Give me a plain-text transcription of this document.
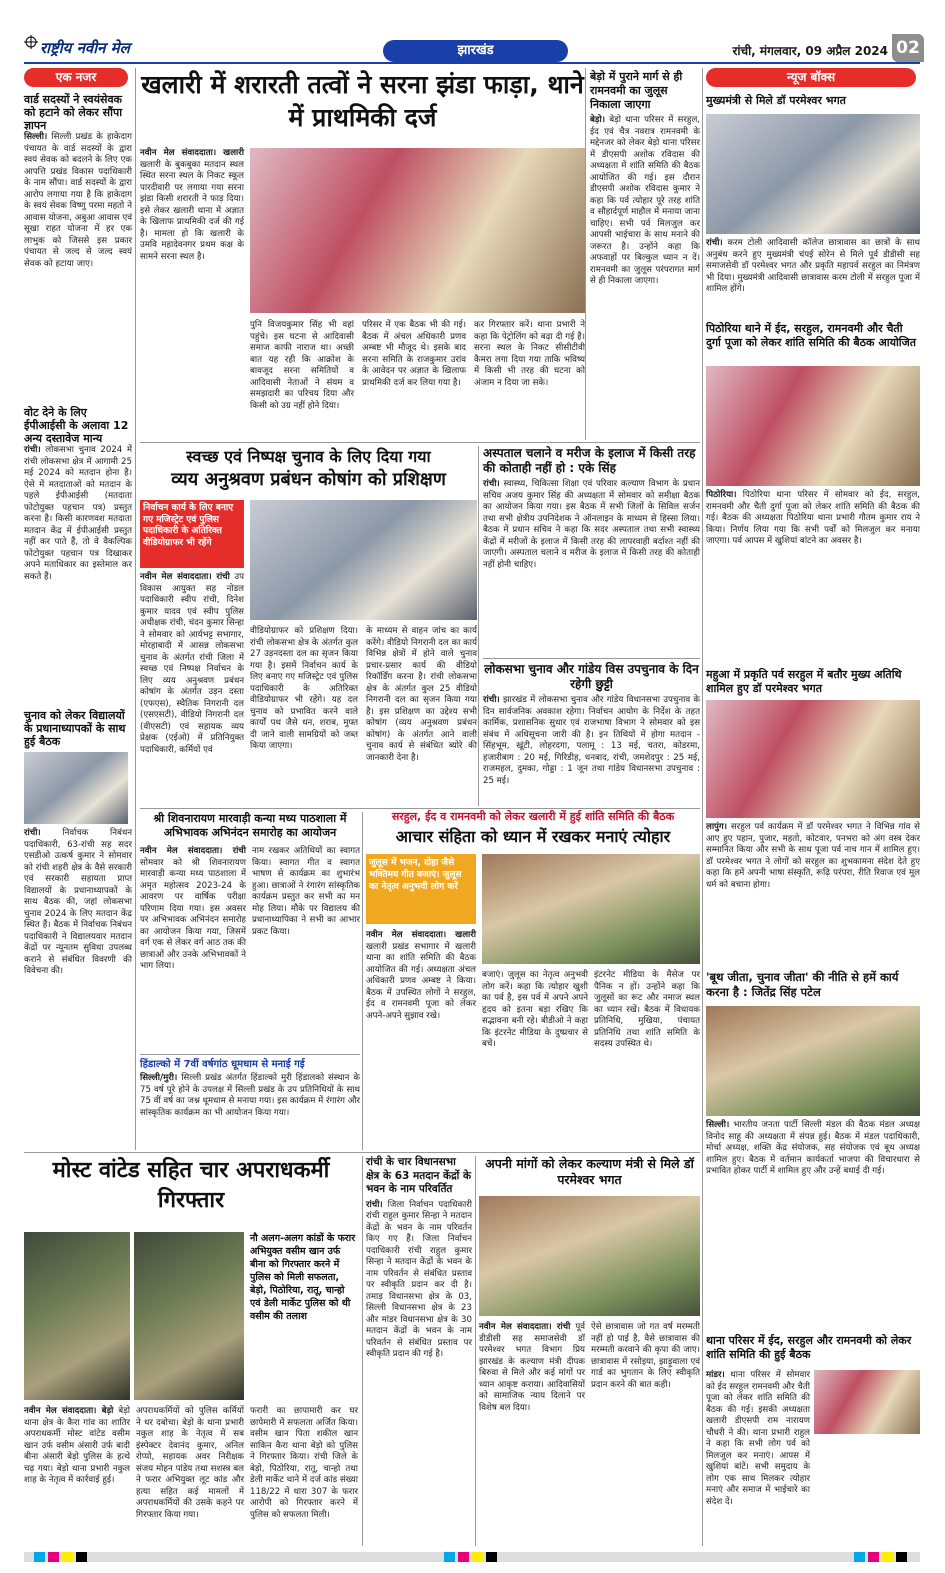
राष्ट्रीय नवीन मेल	झारखंड	रांची, मंगलवार, 09 अप्रैल 2024 02
एक नजर
वार्ड सदस्यों ने स्वयंसेवक को हटाने को लेकर सौंपा ज्ञापन
सिल्ली। सिल्ली प्रखंड के हाकेदाग पंचायत के वार्ड सदस्यों के द्वारा स्वयं सेवक को बदलने के लिए एक आपत्ति प्रखंड विकास पदाधिकारी के नाम सौंपा। वार्ड सदस्यों के द्वारा आरोप लगाया गया है कि हाकेदाग के स्वयं सेवक विष्णु परमा महतो ने आवास योजना, अबुआ आवास एवं सूखा राहत योजना में हर एक लाभुक को जिससे इस प्रकार पंचायत से जल्द से जल्द स्वयं सेवक को हटाया जाए।
वोट देने के लिए ईपीआईसी के अलावा 12 अन्य दस्तावेज मान्य
रांची। लोकसभा चुनाव 2024 में रांची लोकसभा क्षेत्र में आगामी 25 मई 2024 को मतदान होना है। ऐसे में मतदाताओं को मतदान के पहले ईपीआईसी (मतदाता फोटोयुक्त पहचान पत्र) प्रस्तुत करना है। किसी कारणवश मतदाता मतदान केंद्र में ईपीआईसी प्रस्तुत नहीं कर पाते हैं, तो वे वैकल्पिक फोटोयुक्त पहचान पत्र दिखाकर अपने मताधिकार का इस्तेमाल कर सकते हैं।
चुनाव को लेकर विद्यालयों के प्रधानाध्यापकों के साथ हुई बैठक
रांची।	निर्वाचक निबंधन पदाधिकारी, 63-रांची सह सदर एसडीओ उत्कर्ष कुमार ने सोमवार को रांची शहरी क्षेत्र के वैसे सरकारी एवं सरकारी सहायता प्राप्त विद्यालयों के प्रधानाध्यापकों के साथ बैठक की, जहां लोकसभा चुनाव 2024 के लिए मतदान केंद्र स्थित हैं। बैठक में निर्वाचक निबंधन पदाधिकारी ने विद्यालयवार मतदान केंद्रों पर न्यूनतम सुविधा उपलब्ध कराने से संबंधित विवरणी की विवेचना की।
खलारी में शरारती तत्वों ने सरना झंडा फाड़ा, थाने में प्राथमिकी दर्ज
नवीन मेल संवाददाता। खलारी खलारी के बुकबुका मतदान स्थल स्थित सरना स्थल के निकट स्कूल पारदीवारी पर लगाया गया सरना झंडा किसी शरारती ने फाड़ दिया। इसे लेकर खलारी थाना में अज्ञात के खिलाफ प्राथमिकी दर्ज की गई है। मामला हो कि खलारी के उमवि महादेवनगर प्रथम कक्ष के सामने सरना स्थल है।
पुनि विजयकुमार सिंह भी वहां पहुंचे। इस घटना से आदिवासी समाज काफी नाराज था। अच्छी बात यह रही कि आक्रोश के बावजूद सरना समितियों व आदिवासी नेताओं ने संयम व समझदारी का परिचय दिया और किसी को उग्र नहीं होने दिया।
परिसर में एक बैठक भी की गई। बैठक में अंचल अधिकारी प्रणव अम्बष्ट भी मौजूद थे। इसके बाद सरना समिति के राजकुमार उरांव के आवेदन पर अज्ञात के खिलाफ प्राथमिकी दर्ज कर लिया गया है।
कर गिरफ्तार करें। थाना प्रभारी ने कहा कि पेट्रोलिंग को बढ़ा दी गई है। सरना स्थल के निकट सीसीटीवी कैमरा लगा दिया गया ताकि भविष्य में किसी भी तरह की घटना को अंजाम न दिया जा सके।
बेड़ो में पुराने मार्ग से ही रामनवमी का जुलूस निकाला जाएगा
बेड़ो। बेड़ो थाना परिसर में सरहुल, ईद एवं चैत्र नवरात्र रामनवमी के मद्देनजर को लेकर बेड़ो थाना परिसर में डीएसपी अशोक रविदास की अध्यक्षता में शांति समिति की बैठक आयोजित की गई। इस दौरान डीएसपी अशोक रविदास कुमार ने कहा कि पर्व त्योहार पूरे तरह शांति व सौहार्दपूर्ण माहौल में मनाया जाना चाहिए। सभी पर्व मिलजुल कर आपसी भाईचारा के साथ मनाने की जरूरत है। उन्होंने कहा कि अफवाहों पर बिल्कुल ध्यान न दें। रामनवमी का जुलूस परंपरागत मार्ग से ही निकाला जाएगा।
स्वच्छ एवं निष्पक्ष चुनाव के लिए दिया गया
व्यय अनुश्रवण प्रबंधन कोषांग को प्रशिक्षण
निर्वाचन कार्य के लिए बनाए गए मजिस्ट्रेट एवं पुलिस पदाधिकारी के अतिरिक्त वीडियोग्राफर भी रहेंगे
नवीन मेल संवाददाता। रांची उप विकास आयुक्त सह नोडल पदाधिकारी स्वीप रांची, दिनेश कुमार यादव एवं स्वीप पुलिस अधीक्षक रांची, चंदन कुमार सिन्हा ने सोमवार को आर्यभट्ट सभागार, मोरहाबादी में आसन्न लोकसभा चुनाव के अंतर्गत रांची जिला में स्वच्छ एवं निष्पक्ष निर्वाचन के लिए व्यय अनुश्रवण प्रबंधन कोषांग के अंतर्गत उड़न दस्ता (एफएस), स्थैतिक निगरानी दल (एसएसटी), वीडियो निगरानी दल (वीएसटी) एवं सहायक व्यय प्रेक्षक (एईओ) में प्रतिनियुक्त पदाधिकारी, कर्मियों एवं
वीडियोग्राफर को प्रशिक्षण दिया। रांची लोकसभा क्षेत्र के अंतर्गत कुल 27 उड़नदस्ता दल का सृजन किया गया है। इसमें निर्वाचन कार्य के लिए बनाए गए मजिस्ट्रेट एवं पुलिस पदाधिकारी के अतिरिक्त वीडियोग्राफर भी रहेंगे। यह दल चुनाव को प्रभावित करने वाले कार्यों पथ जैसे धन, शराब, मुफ्त दी जाने वाली सामग्रियों को जब्त किया जाएगा।
के माध्यम से वाहन जांच का कार्य करेंगे। वीडियो निगरानी दल का कार्य विभिन्न क्षेत्रों में होने वाले चुनाव प्रचार-प्रसार कार्य की वीडियो रिकॉर्डिंग करना है। रांची लोकसभा क्षेत्र के अंतर्गत कुल 25 वीडियो निगरानी दल का सृजन किया गया है। इस प्रशिक्षण का उद्देश्य सभी कोषांग (व्यय अनुश्रवण प्रबंधन कोषांग) के अंतर्गत आने वाली चुनाव कार्य से संबंधित ब्योरे की जानकारी देना है।
अस्पताल चलाने व मरीज के इलाज में किसी तरह की कोताही नहीं हो : एके सिंह
रांची। स्वास्थ्य, चिकित्सा शिक्षा एवं परिवार कल्याण विभाग के प्रधान सचिव अजय कुमार सिंह की अध्यक्षता में सोमवार को समीक्षा बैठक का आयोजन किया गया। इस बैठक में सभी जिलों के सिविल सर्जन तथा सभी क्षेत्रीय उपनिदेशक ने ऑनलाइन के माध्यम से हिस्सा लिया। बैठक में प्रधान सचिव ने कहा कि सदर अस्पताल तथा सभी स्वास्थ्य केंद्रों में मरीजों के इलाज में किसी तरह की लापरवाही बर्दाश्त नहीं की जाएगी। अस्पताल चलाने व मरीज के इलाज में किसी तरह की कोताही नहीं होनी चाहिए।
लोकसभा चुनाव और गांडेय विस उपचुनाव के दिन रहेगी छुट्टी
रांची। झारखंड में लोकसभा चुनाव और गांडेय विधानसभा उपचुनाव के दिन सार्वजनिक अवकाश रहेगा। निर्वाचन आयोग के निर्देश के तहत कार्मिक, प्रशासनिक सुधार एवं राजभाषा विभाग ने सोमवार को इस संबंध में अधिसूचना जारी की है। इन तिथियों में होगा मतदान - सिंहभूम, खूंटी, लोहरदगा, पलामू : 13 मई, चतरा, कोडरमा, हजारीबाग : 20 मई, गिरिडीह, धनबाद, रांची, जमशेदपुर : 25 मई, राजमहल, दुमका, गोड्डा : 1 जून तथा गांडेय विधानसभा उपचुनाव : 25 मई।
श्री शिवनारायण मारवाड़ी कन्या मध्य पाठशाला में अभिभावक अभिनंदन समारोह का आयोजन
नवीन मेल संवाददाता। रांची सोमवार को श्री शिवनारायण मारवाड़ी कन्या मध्य पाठशाला में अमृत महोत्सव 2023-24 के आवरण पर वार्षिक परीक्षा परिणाम दिया गया। इस अवसर पर अभिभावक अभिनंदन समारोह का आयोजन किया गया, जिसमें वर्ग एक से लेकर वर्ग आठ तक की छात्राओं और उनके अभिभावकों ने भाग लिया।
नाम रखकर अतिथियों का स्वागत किया। स्वागत गीत व स्वागत भाषण से कार्यक्रम का शुभारंभ हुआ। छात्राओं ने रंगारंग सांस्कृतिक कार्यक्रम प्रस्तुत कर सभी का मन मोह लिया। मौके पर विद्यालय की प्रधानाध्यापिका ने सभी का आभार प्रकट किया।
हिंडाल्को में 7वीं वर्षगांठ धूमधाम से मनाई गई
सिल्ली/मुरी। सिल्ली प्रखंड अंतर्गत हिंडाल्को मुरी हिंडालको संस्थान के 75 वर्ष पूरे होने के उपलक्ष में सिल्ली प्रखंड के उप प्रतिनिधियों के साथ 75 वीं वर्ष का जश्न धूमधाम से मनाया गया। इस कार्यक्रम में रंगारंग और सांस्कृतिक कार्यक्रम का भी आयोजन किया गया।
सरहुल, ईद व रामनवमी को लेकर खलारी में हुई शांति समिति की बैठक
आचार संहिता को ध्यान में रखकर मनाएं त्योहार
जुलूस में भजन, दोहा जैसे भक्तिमय गीत बजाएं। जुलूस का नेतृत्व अनुभवी लोग करें
नवीन मेल संवाददाता। खलारी खलारी प्रखंड सभागार में खलारी थाना का शांति समिति की बैठक आयोजित की गई। अध्यक्षता अंचल अधिकारी प्रणव अम्बष्ट ने किया। बैठक में उपस्थित लोगों ने सरहुल, ईद व रामनवमी पूजा को लेकर अपने-अपने सुझाव रखे।
बजाएं। जुलूस का नेतृत्व अनुभवी लोग करें। कहा कि त्योहार खुशी का पर्व है, इस पर्व में अपने अपने हृदय को इतना बड़ा रखिए कि सद्भावना बनी रहे। बीडीओ ने कहा कि इंटरनेट मीडिया के दुष्प्रचार से बचें।
इंटरनेट मीडिया के मैसेज पर पैनिक न हों। उन्होंने कहा कि जुलूसों का रूट और नमाज स्थल का ध्यान रखें। बैठक में विधायक प्रतिनिधि, मुखिया, पंचायत प्रतिनिधि तथा शांति समिति के सदस्य उपस्थित थे।
मोस्ट वांटेड सहित चार अपराधकर्मी गिरफ्तार
नौ अलग-अलग कांडों के फरार अभियुक्त वसीम खान उर्फ बीना को गिरफ्तार करने में पुलिस को मिली सफलता, बेड़ो, पिठोरिया, रातू, चान्हो एवं डेली मार्केट पुलिस को थी वसीम की तलाश
नवीन मेल संवाददाता। बेड़ो बेड़ो थाना क्षेत्र के कैरा गांव का शातिर अपराधकर्मी मोस्ट वांटेड वसीम खान उर्फ वसीम अंसारी उर्फ बादी बीना अंसारी बेड़ो पुलिस के हत्थे चढ़ गया। बेड़ो थाना प्रभारी नकुल शाह के नेतृत्व में कार्रवाई हुई।
अपराधकर्मियों को पुलिस कर्मियों ने धर दबोचा। बेड़ो के थाना प्रभारी नकुल शाह के नेतृत्व में सब इंस्पेक्टर देवानंद कुमार, अनिल रोप्पो, सहायक अवर निरीक्षक संजय मोहन पांडेय तथा सशस्त्र बल ने फरार अभियुक्त लूट कांड और हत्या सहित कई मामलों में अपराधकर्मियों की उसके कहने पर गिरफ्तार किया गया।
फरारी का छापामारी कर घर छापेमारी में सफलता अर्जित किया। वसीम खान पिता शकील खान साकिन कैरा थाना बेड़ो को पुलिस ने गिरफ्तार किया। रांची जिले के बेड़ो, पिठोरिया, रातू, चान्हो तथा डेली मार्केट थाने में दर्ज कांड संख्या 118/22 में धारा 307 के फरार आरोपी को गिरफ्तार करने में पुलिस को सफलता मिली।
रांची के चार विधानसभा क्षेत्र के 63 मतदान केंद्रों के भवन के नाम परिवर्तित
रांची। जिला निर्वाचन पदाधिकारी रांची राहुल कुमार सिन्हा ने मतदान केंद्रों के भवन के नाम परिवर्तन किए गए हैं। जिला निर्वाचन पदाधिकारी रांची राहुल कुमार सिन्हा ने मतदान केंद्रों के भवन के नाम परिवर्तन से संबंधित प्रस्ताव पर स्वीकृति प्रदान कर दी है। तमाड़ विधानसभा क्षेत्र के 03, सिल्ली विधानसभा क्षेत्र के 23 और मांडर विधानसभा क्षेत्र के 30 मतदान केंद्रों के भवन के नाम परिवर्तन से संबंधित प्रस्ताव पर स्वीकृति प्रदान की गई है।
अपनी मांगों को लेकर कल्याण मंत्री से मिले डॉ परमेश्वर भगत
नवीन मेल संवाददाता। रांची पूर्व डीडीसी सह समाजसेवी डॉ परमेश्वर भगत विभाग प्रिय झारखंड के कल्याण मंत्री दीपक बिरुवा से मिले और कई मांगों पर ध्यान आकृष्ट कराया। आदिवासियों को सामाजिक न्याय दिलाने पर विशेष बल दिया।
ऐसे छात्रावास जो गत वर्ष मरम्मती नहीं हो पाई है, वैसे छात्रावास की मरम्मती करवाने की कृपा की जाए। छात्रावास में रसोइया, झाड़ूवाला एवं गार्ड का भुगतान के लिए स्वीकृति प्रदान करने की बात कही।
न्यूज बॉक्स
मुख्यमंत्री से मिले डॉ परमेश्वर भगत
रांची। करम टोली आदिवासी कॉलेज छात्रावास का छात्रों के साथ अनुबंध करने हुए मुख्यमंत्री चंपई सोरेन से मिले पूर्व डीडीसी सह समाजसेवी डॉ परमेश्वर भगत और प्रकृति महापर्व सरहुल का निमंत्रण भी दिया। मुख्यमंत्री आदिवासी छात्रावास करम टोली में सरहुल पूजा में शामिल होंगे।
पिठोरिया थाने में ईद, सरहुल, रामनवमी और चैती दुर्गा पूजा को लेकर शांति समिति की बैठक आयोजित
पिठोरिया। पिठोरिया थाना परिसर में सोमवार को ईद, सरहुल, रामनवमी और चैती दुर्गा पूजा को लेकर शांति समिति की बैठक की गई। बैठक की अध्यक्षता पिठोरिया थाना प्रभारी गौतम कुमार राय ने किया। निर्णय लिया गया कि सभी पर्वों को मिलजुल कर मनाया जाएगा। पर्व आपस में खुशियां बांटने का अवसर है।
महुआ में प्रकृति पर्व सरहुल में बतौर मुख्य अतिथि शामिल हुए डॉ परमेश्वर भगत
लापुंग। सरहुल पर्व कार्यक्रम में डॉ परमेश्वर भगत ने विभिन्न गांव से आए हुए पहान, पुजार, महतो, कोटवार, पनभरा को अंग वस्त्र देकर सम्मानित किया और सभी के साथ पूजा पर्व नाच गान में शामिल हुए। डॉ परमेश्वर भगत ने लोगों को सरहुल का शुभकामना संदेश देते हुए कहा कि हमें अपनी भाषा संस्कृति, रूढ़ि परंपरा, रीति रिवाज एवं मूल धर्म को बचाना होगा।
'बूथ जीता, चुनाव जीता' की नीति से हमें कार्य करना है : जितेंद्र सिंह पटेल
सिल्ली। भारतीय जनता पार्टी सिल्ली मंडल की बैठक मंडल अध्यक्ष विनोद साहू की अध्यक्षता में संपन्न हुई। बैठक में मंडल पदाधिकारी, मोर्चा अध्यक्ष, शक्ति केंद्र संयोजक, सह संयोजक एवं बूथ अध्यक्ष शामिल हुए। बैठक में वर्तमान कार्यकर्ता भाजपा की विचारधारा से प्रभावित होकर पार्टी में शामिल हुए और उन्हें बधाई दी गई।
थाना परिसर में ईद, सरहुल और रामनवमी को लेकर शांति समिति की हुई बैठक
मांडर। थाना परिसर में सोमवार को ईद सरहुल रामनवमी और चैती पूजा को लेकर शांति समिति की बैठक की गई। इसकी अध्यक्षता खलारी डीएसपी राम नारायण चौधरी ने की। थाना प्रभारी राहुल ने कहा कि सभी लोग पर्व को मिलजुल कर मनाएं। आपस में खुशियां बांटें। सभी समुदाय के लोग एक साथ मिलकर त्योहार मनाएं और समाज में भाईचारे का संदेश दें।
